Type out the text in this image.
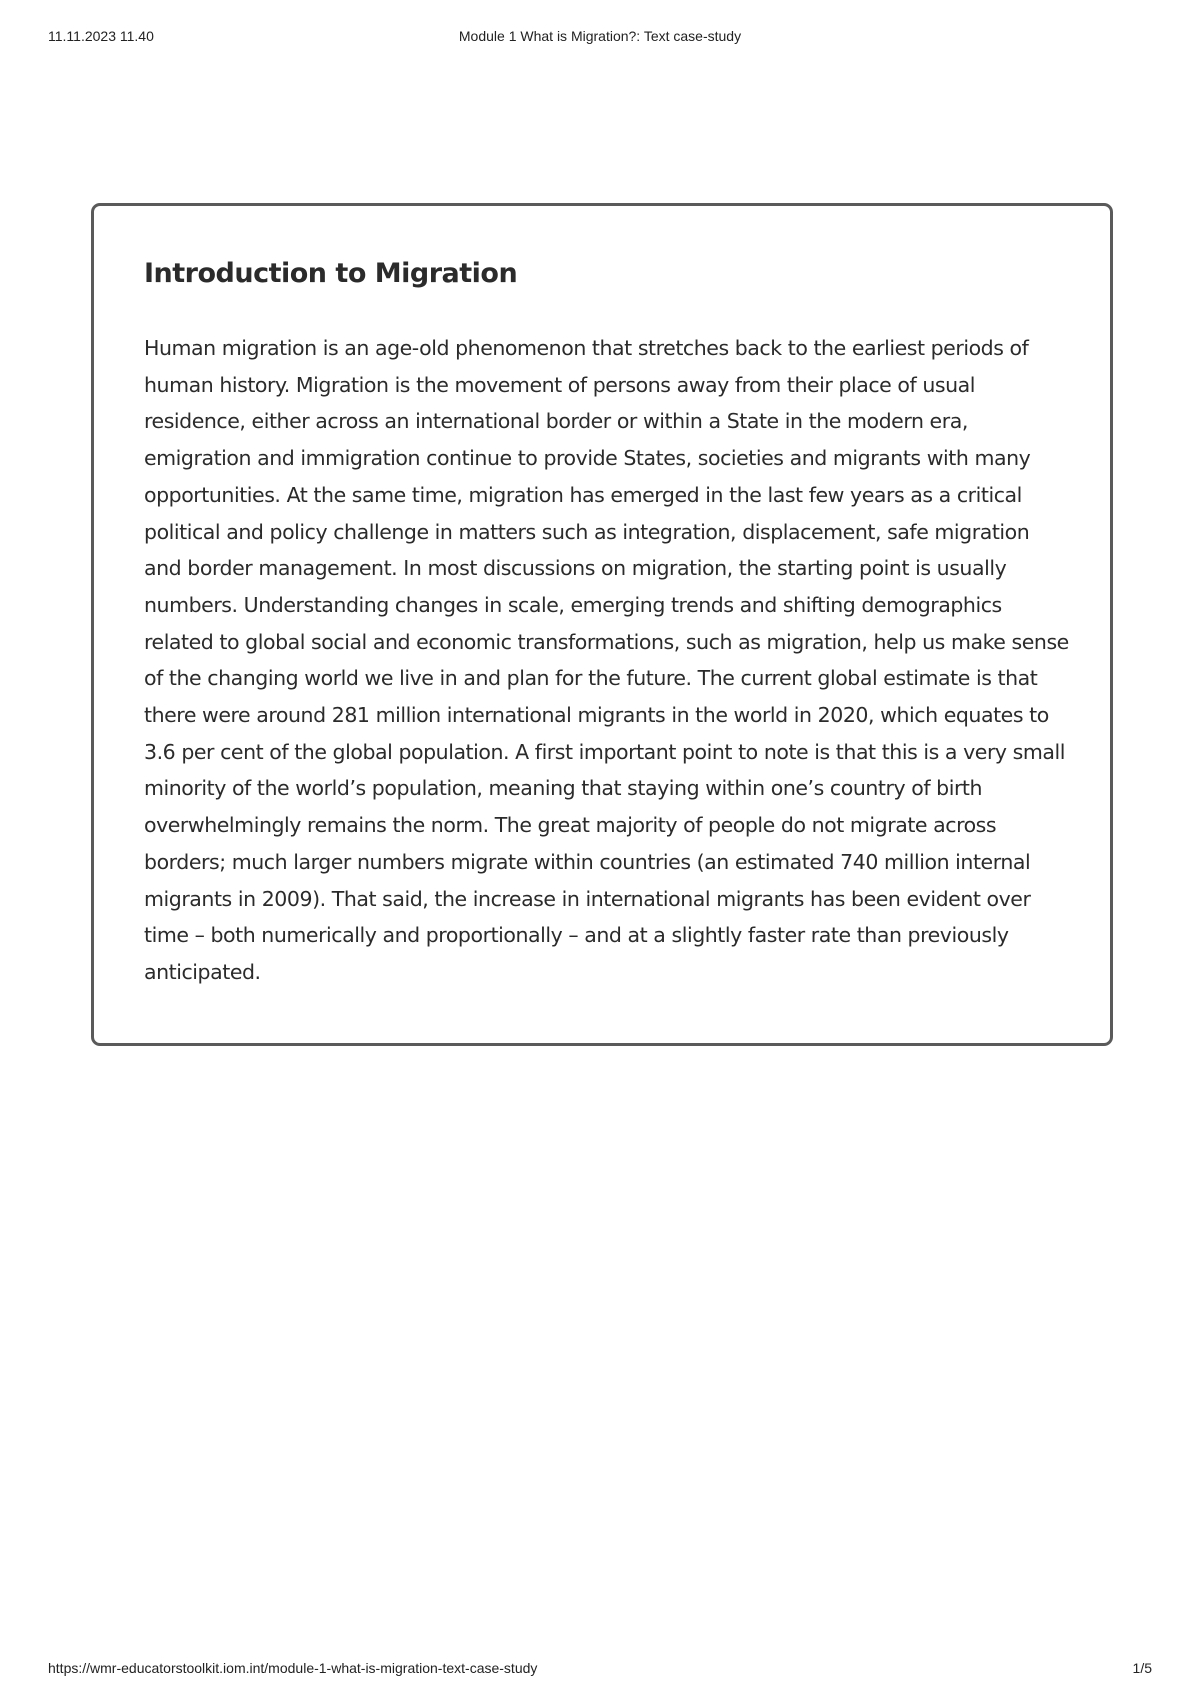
11.11.2023 11.40	Module 1 What is Migration?: Text case-study
Introduction to Migration

Human migration is an age-old phenomenon that stretches back to the earliest periods of human history. Migration is the movement of persons away from their place of usual residence, either across an international border or within a State in the modern era, emigration and immigration continue to provide States, societies and migrants with many opportunities. At the same time, migration has emerged in the last few years as a critical political and policy challenge in matters such as integration, displacement, safe migration and border management. In most discussions on migration, the starting point is usually numbers. Understanding changes in scale, emerging trends and shifting demographics related to global social and economic transformations, such as migration, help us make sense of the changing world we live in and plan for the future. The current global estimate is that there were around 281 million international migrants in the world in 2020, which equates to 3.6 per cent of the global population. A first important point to note is that this is a very small minority of the world’s population, meaning that staying within one’s country of birth overwhelmingly remains the norm. The great majority of people do not migrate across borders; much larger numbers migrate within countries (an estimated 740 million internal migrants in 2009). That said, the increase in international migrants has been evident over time – both numerically and proportionally – and at a slightly faster rate than previously anticipated.

https://wmr-educatorstoolkit.iom.int/module-1-what-is-migration-text-case-study	1/5
